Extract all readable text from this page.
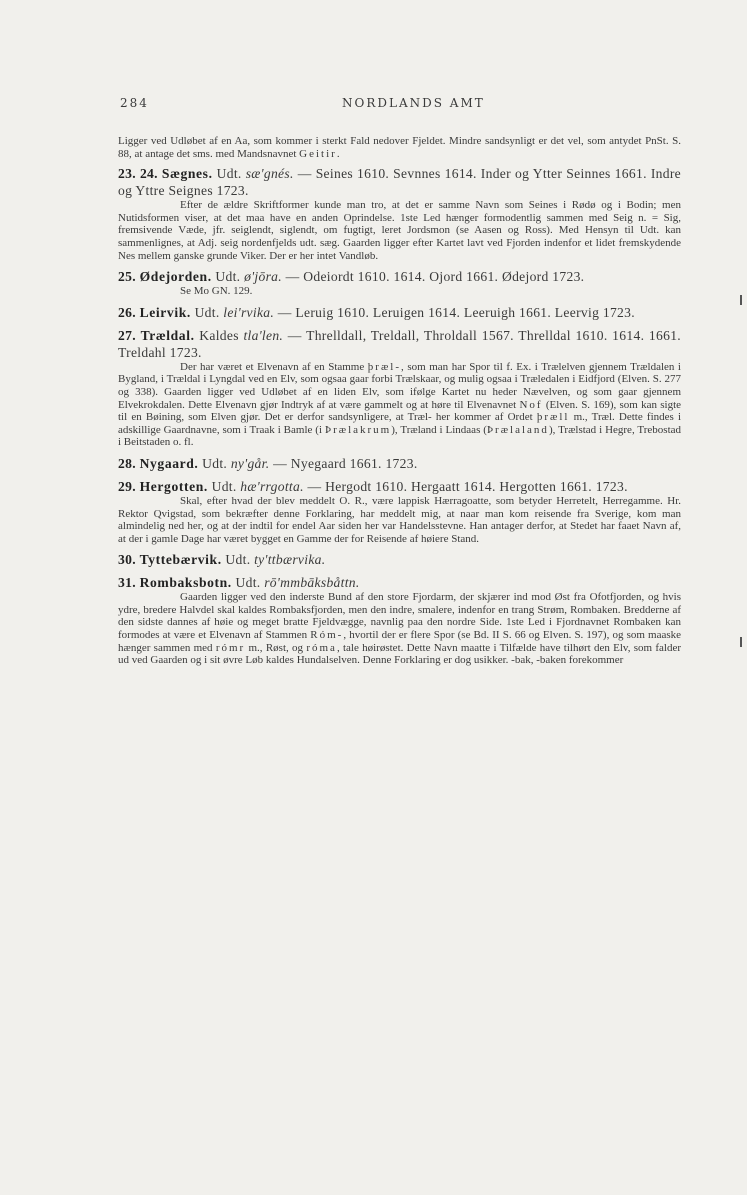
284	NORDLANDS AMT

Ligger ved Udløbet af en Aa, som kommer i sterkt Fald nedover Fjeldet. Mindre sandsynligt er det vel, som antydet PnSt. S. 88, at antage det sms. med Mandsnavnet Geitir.

23. 24. Sægnes. Udt. sæ'gnés. — Seines 1610. Sevnnes 1614. Inder og Ytter Seinnes 1661. Indre og Yttre Seignes 1723.

Efter de ældre Skriftformer kunde man tro, at det er samme Navn som Seines i Rødø og i Bodin; men Nutidsformen viser, at det maa have en anden Oprindelse. 1ste Led hænger formodentlig sammen med Seig n. = Sig, fremsivende Væde, jfr. seiglendt, siglendt, om fugtigt, leret Jordsmon (se Aasen og Ross). Med Hensyn til Udt. kan sammenlignes, at Adj. seig nordenfjelds udt. sæg. Gaarden ligger efter Kartet lavt ved Fjorden indenfor et lidet fremskydende Nes mellem ganske grunde Viker. Der er her intet Vandløb.

25. Ødejorden. Udt. ø'jōra. — Odeiordt 1610. 1614. Ojord 1661. Ødejord 1723.

Se Mo GN. 129.

26. Leirvik. Udt. lei'rvika. — Leruig 1610. Leruigen 1614. Leeruigh 1661. Leervig 1723.

27. Trældal. Kaldes tla'len. — Threlldall, Treldall, Throldall 1567. Threlldal 1610. 1614. 1661. Treldahl 1723.

Der har været et Elvenavn af en Stamme þræl-, som man har Spor til f. Ex. i Trælelven gjennem Trældalen i Bygland, i Trældal i Lyngdal ved en Elv, som ogsaa gaar forbi Trælskaar, og mulig ogsaa i Træledalen i Eidfjord (Elven. S. 277 og 338). Gaarden ligger ved Udløbet af en liden Elv, som ifølge Kartet nu heder Nævelven, og som gaar gjennem Elvekrokdalen. Dette Elvenavn gjør Indtryk af at være gammelt og at høre til Elvenavnet Nof (Elven. S. 169), som kan sigte til en Bøining, som Elven gjør. Det er derfor sandsynligere, at Træl- her kommer af Ordet þræll m., Træl. Dette findes i adskillige Gaardnavne, som i Traak i Bamle (i Þrælakrum), Træland i Lindaas (Þrælaland), Trælstad i Hegre, Trebostad i Beitstaden o. fl.

28. Nygaard. Udt. ny'går. — Nyegaard 1661. 1723.

29. Hergotten. Udt. hæ'rrgotta. — Hergodt 1610. Hergaatt 1614. Hergotten 1661. 1723.

Skal, efter hvad der blev meddelt O. R., være lappisk Hærragoatte, som betyder Herretelt, Herregamme. Hr. Rektor Qvigstad, som bekræfter denne Forklaring, har meddelt mig, at naar man kom reisende fra Sverige, kom man almindelig ned her, og at der indtil for endel Aar siden her var Handelsstevne. Han antager derfor, at Stedet har faaet Navn af, at der i gamle Dage har været bygget en Gamme der for Reisende af høiere Stand.

30. Tyttebærvik. Udt. ty'ttbærvika.

31. Rombaksbotn. Udt. rō'mmbāksbåttn.

Gaarden ligger ved den inderste Bund af den store Fjordarm, der skjærer ind mod Øst fra Ofotfjorden, og hvis ydre, bredere Halvdel skal kaldes Rombaksfjorden, men den indre, smalere, indenfor en trang Strøm, Rombaken. Bredderne af den sidste dannes af høie og meget bratte Fjeldvægge, navnlig paa den nordre Side. 1ste Led i Fjordnavnet Rombaken kan formodes at være et Elvenavn af Stammen Róm-, hvortil der er flere Spor (se Bd. II S. 66 og Elven. S. 197), og som maaske hænger sammen med rómr m., Røst, og róma, tale høirøstet. Dette Navn maatte i Tilfælde have tilhørt den Elv, som falder ud ved Gaarden og i sit øvre Løb kaldes Hundalselven. Denne Forklaring er dog usikker. -bak, -baken forekommer
